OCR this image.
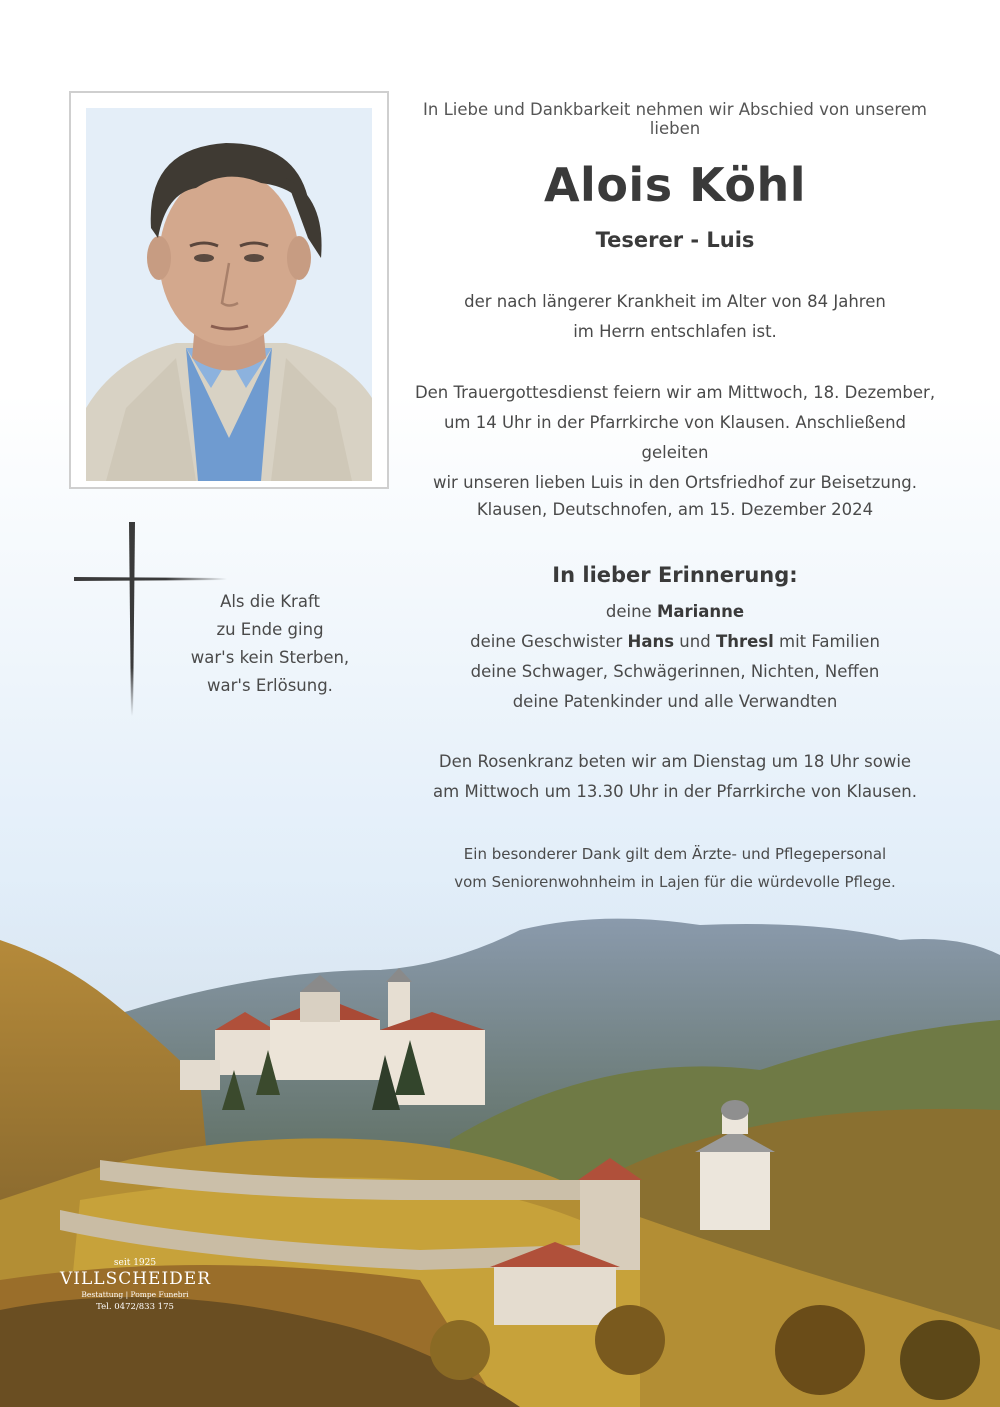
In Liebe und Dankbarkeit nehmen wir Abschied von unserem lieben
Alois Köhl
Teserer - Luis
der nach längerer Krankheit im Alter von 84 Jahren
im Herrn entschlafen ist.
Den Trauergottesdienst feiern wir am Mittwoch, 18. Dezember,
um 14 Uhr in der Pfarrkirche von Klausen. Anschließend geleiten
wir unseren lieben Luis in den Ortsfriedhof zur Beisetzung.
Klausen, Deutschnofen, am 15. Dezember 2024
In lieber Erinnerung:
deine Marianne
deine Geschwister Hans und Thresl mit Familien
deine Schwager, Schwägerinnen, Nichten, Neffen
deine Patenkinder und alle Verwandten
Den Rosenkranz beten wir am Dienstag um 18 Uhr sowie
am Mittwoch um 13.30 Uhr in der Pfarrkirche von Klausen.
Ein besonderer Dank gilt dem Ärzte- und Pflegepersonal
Als die Kraft
zu Ende ging
war's kein Sterben,
war's Erlösung.
seit 1925
VILLSCHEIDER
Bestattung | Pompe Funebri
Tel. 0472/833 175
